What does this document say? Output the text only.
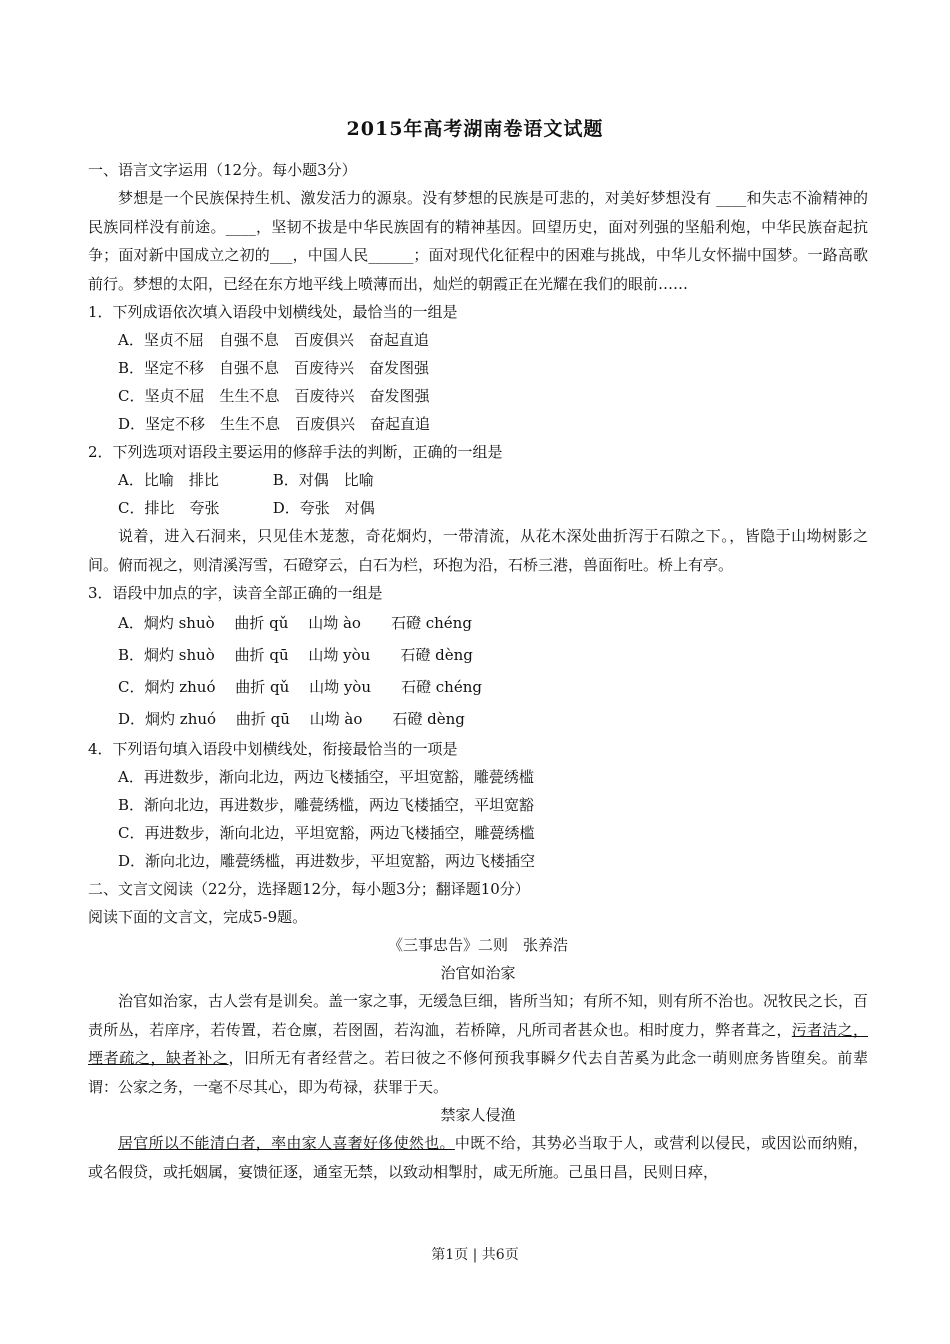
2015年高考湖南卷语文试题
一、语言文字运用（12分。每小题3分）
梦想是一个民族保持生机、激发活力的源泉。没有梦想的民族是可悲的，对美好梦想没有 ____和失志不渝精神的民族同样没有前途。____，坚韧不拔是中华民族固有的精神基因。回望历史，面对列强的坚船利炮，中华民族奋起抗争；面对新中国成立之初的___，中国人民______；面对现代化征程中的困难与挑战，中华儿女怀揣中国梦。一路高歌前行。梦想的太阳，已经在东方地平线上喷薄而出，灿烂的朝霞正在光耀在我们的眼前……
1．下列成语依次填入语段中划横线处，最恰当的一组是
A．坚贞不屈　自强不息　百废俱兴　奋起直追
B．坚定不移　自强不息　百废待兴　奋发图强
C．坚贞不屈　生生不息　百废待兴　奋发图强
D．坚定不移　生生不息　百废俱兴　奋起直追
2．下列选项对语段主要运用的修辞手法的判断，正确的一组是
A．比喻　排比	B．对偶　比喻
C．排比　夸张	D．夸张　对偶
说着，进入石洞来，只见佳木茏葱，奇花烱灼，一带清流，从花木深处曲折泻于石隙之下。，皆隐于山坳树影之间。俯而视之，则清溪泻雪，石磴穿云，白石为栏，环抱为沿，石桥三港，兽面衔吐。桥上有亭。
3．语段中加点的字，读音全部正确的一组是
A．烱灼 shuò　 曲折 qǔ　 山坳 ào　　石磴 chéng
B．烱灼 shuò　 曲折 qū　 山坳 yòu　　石磴 dèng
C．烱灼 zhuó　 曲折 qǔ　 山坳 yòu　　石磴 chéng
D．烱灼 zhuó　 曲折 qū　 山坳 ào　　石磴 dèng
4．下列语句填入语段中划横线处，衔接最恰当的一项是
A．再进数步，渐向北边，两边飞楼插空，平坦宽豁，雕甍绣槛
B．渐向北边，再进数步，雕甍绣槛，两边飞楼插空，平坦宽豁
C．再进数步，渐向北边，平坦宽豁，两边飞楼插空，雕甍绣槛
D．渐向北边，雕甍绣槛，再进数步，平坦宽豁，两边飞楼插空
二、文言文阅读（22分，选择题12分，每小题3分；翻译题10分）
阅读下面的文言文，完成5-9题。
《三事忠告》二则　张养浩
治官如治家
治官如治家，古人尝有是训矣。盖一家之事，无缓急巨细，皆所当知；有所不知，则有所不治也。况牧民之长，百责所丛，若庠序，若传置，若仓廪，若囹圄，若沟洫，若桥障，凡所司者甚众也。相时度力，弊者葺之，污者洁之，堙者疏之，缺者补之，旧所无有者经营之。若曰彼之不修何预我事瞬夕代去自苦奚为此念一萌则庶务皆堕矣。前辈谓：公家之务，一毫不尽其心，即为苟禄，获罪于天。
禁家人侵渔
居官所以不能清白者，率由家人喜奢好侈使然也。中既不给，其势必当取于人，或营利以侵民，或因讼而纳贿，或名假贷，或托姻属，宴馈征逐，通室无禁，以致动相掣肘，咸无所施。己虽日昌，民则日瘁，
第1页 | 共6页
